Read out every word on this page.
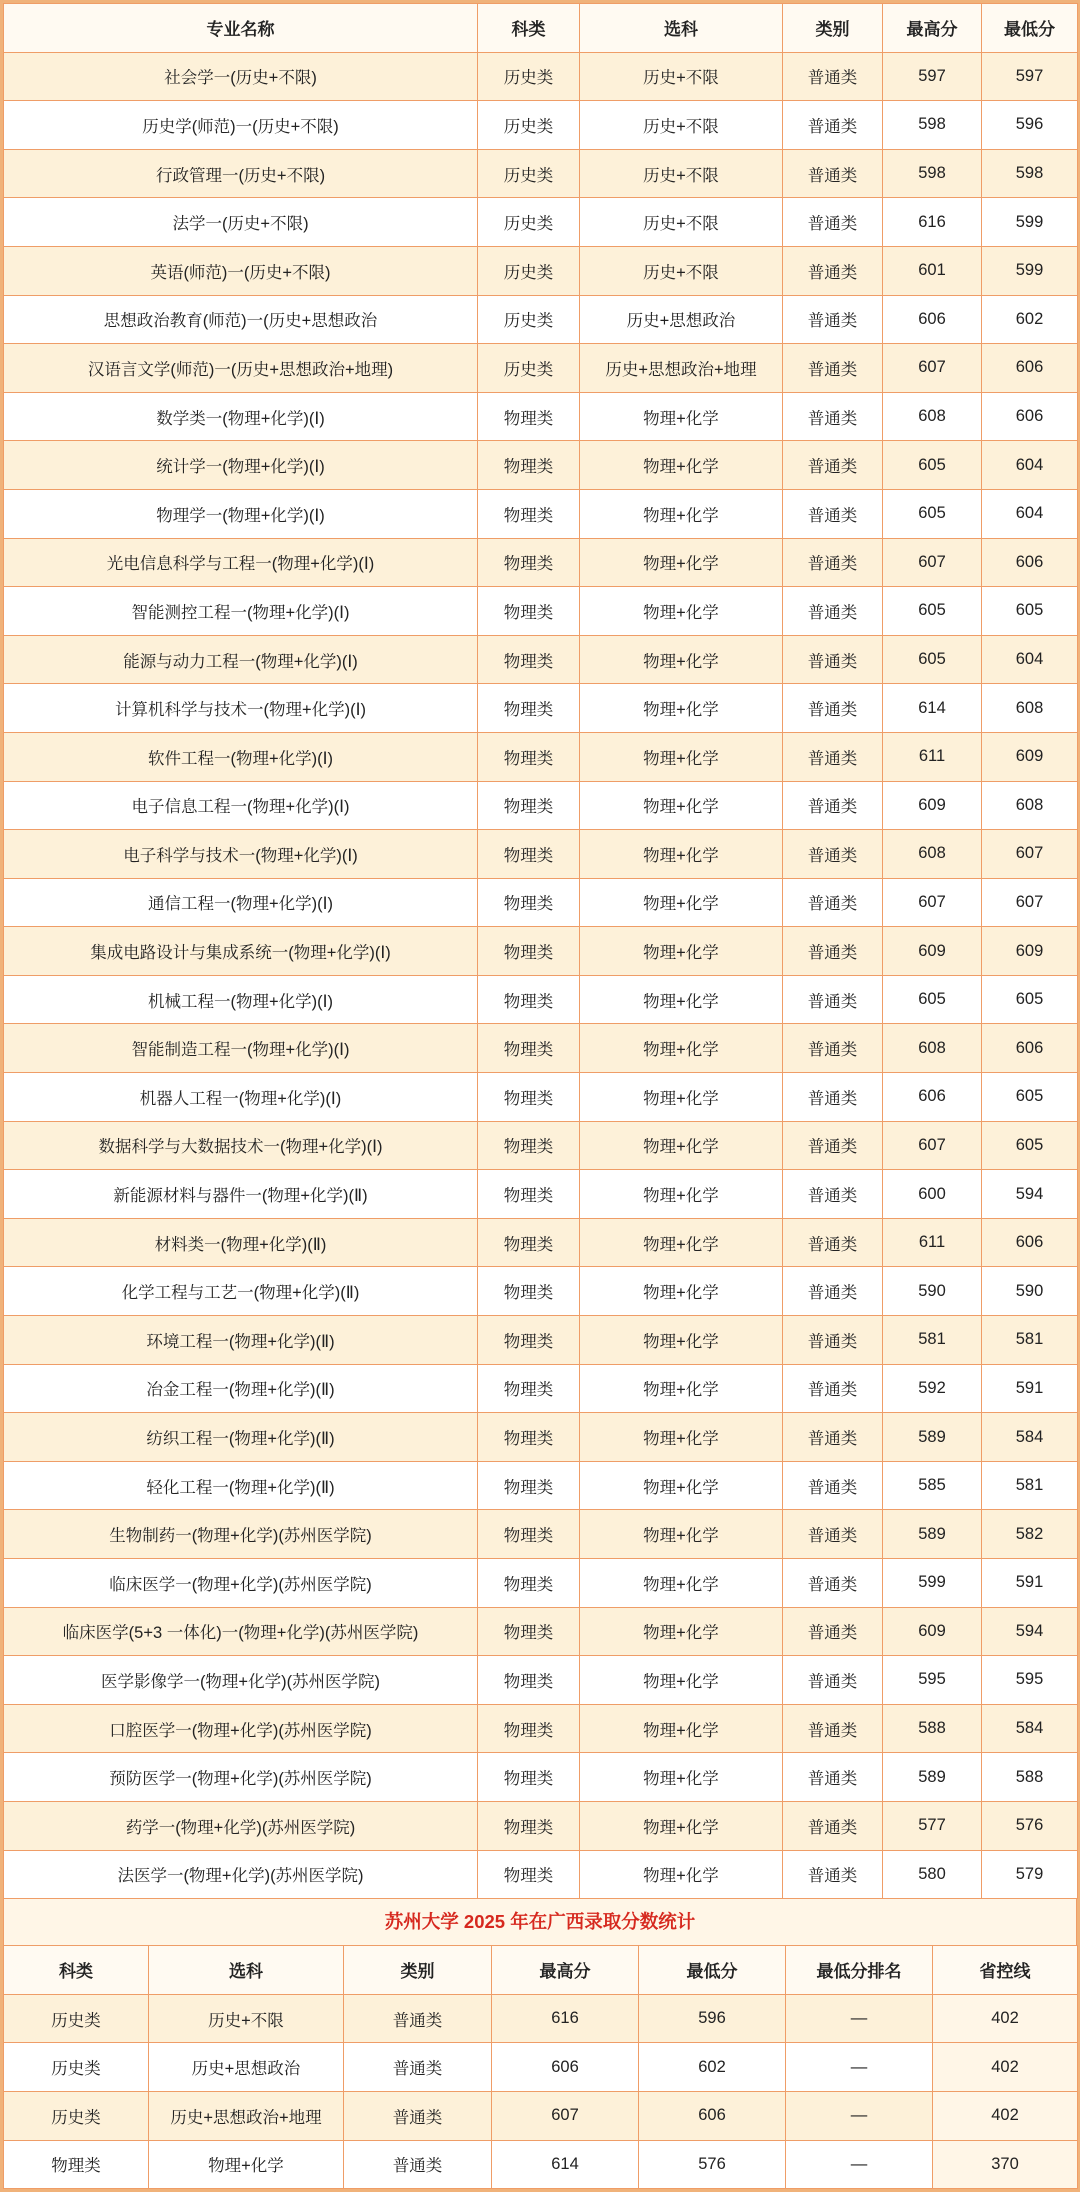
专业名称	科类	选科	类别	最高分	最低分
社会学一(历史+不限)	历史类	历史+不限	普通类	597	597
历史学(师范)一(历史+不限)	历史类	历史+不限	普通类	598	596
行政管理一(历史+不限)	历史类	历史+不限	普通类	598	598
法学一(历史+不限)	历史类	历史+不限	普通类	616	599
英语(师范)一(历史+不限)	历史类	历史+不限	普通类	601	599
思想政治教育(师范)一(历史+思想政治	历史类	历史+思想政治	普通类	606	602
汉语言文学(师范)一(历史+思想政治+地理)	历史类	历史+思想政治+地理	普通类	607	606
数学类一(物理+化学)(Ⅰ)	物理类	物理+化学	普通类	608	606
统计学一(物理+化学)(Ⅰ)	物理类	物理+化学	普通类	605	604
物理学一(物理+化学)(Ⅰ)	物理类	物理+化学	普通类	605	604
光电信息科学与工程一(物理+化学)(Ⅰ)	物理类	物理+化学	普通类	607	606
智能测控工程一(物理+化学)(Ⅰ)	物理类	物理+化学	普通类	605	605
能源与动力工程一(物理+化学)(Ⅰ)	物理类	物理+化学	普通类	605	604
计算机科学与技术一(物理+化学)(Ⅰ)	物理类	物理+化学	普通类	614	608
软件工程一(物理+化学)(Ⅰ)	物理类	物理+化学	普通类	611	609
电子信息工程一(物理+化学)(Ⅰ)	物理类	物理+化学	普通类	609	608
电子科学与技术一(物理+化学)(Ⅰ)	物理类	物理+化学	普通类	608	607
通信工程一(物理+化学)(Ⅰ)	物理类	物理+化学	普通类	607	607
集成电路设计与集成系统一(物理+化学)(Ⅰ)	物理类	物理+化学	普通类	609	609
机械工程一(物理+化学)(Ⅰ)	物理类	物理+化学	普通类	605	605
智能制造工程一(物理+化学)(Ⅰ)	物理类	物理+化学	普通类	608	606
机器人工程一(物理+化学)(Ⅰ)	物理类	物理+化学	普通类	606	605
数据科学与大数据技术一(物理+化学)(Ⅰ)	物理类	物理+化学	普通类	607	605
新能源材料与器件一(物理+化学)(Ⅱ)	物理类	物理+化学	普通类	600	594
材料类一(物理+化学)(Ⅱ)	物理类	物理+化学	普通类	611	606
化学工程与工艺一(物理+化学)(Ⅱ)	物理类	物理+化学	普通类	590	590
环境工程一(物理+化学)(Ⅱ)	物理类	物理+化学	普通类	581	581
冶金工程一(物理+化学)(Ⅱ)	物理类	物理+化学	普通类	592	591
纺织工程一(物理+化学)(Ⅱ)	物理类	物理+化学	普通类	589	584
轻化工程一(物理+化学)(Ⅱ)	物理类	物理+化学	普通类	585	581
生物制药一(物理+化学)(苏州医学院)	物理类	物理+化学	普通类	589	582
临床医学一(物理+化学)(苏州医学院)	物理类	物理+化学	普通类	599	591
临床医学(5+3 一体化)一(物理+化学)(苏州医学院)	物理类	物理+化学	普通类	609	594
医学影像学一(物理+化学)(苏州医学院)	物理类	物理+化学	普通类	595	595
口腔医学一(物理+化学)(苏州医学院)	物理类	物理+化学	普通类	588	584
预防医学一(物理+化学)(苏州医学院)	物理类	物理+化学	普通类	589	588
药学一(物理+化学)(苏州医学院)	物理类	物理+化学	普通类	577	576
法医学一(物理+化学)(苏州医学院)	物理类	物理+化学	普通类	580	579
苏州大学 2025 年在广西录取分数统计
科类	选科	类别	最高分	最低分	最低分排名	省控线
历史类	历史+不限	普通类	616	596	—	402
历史类	历史+思想政治	普通类	606	602	—	402
历史类	历史+思想政治+地理	普通类	607	606	—	402
物理类	物理+化学	普通类	614	576	—	370
